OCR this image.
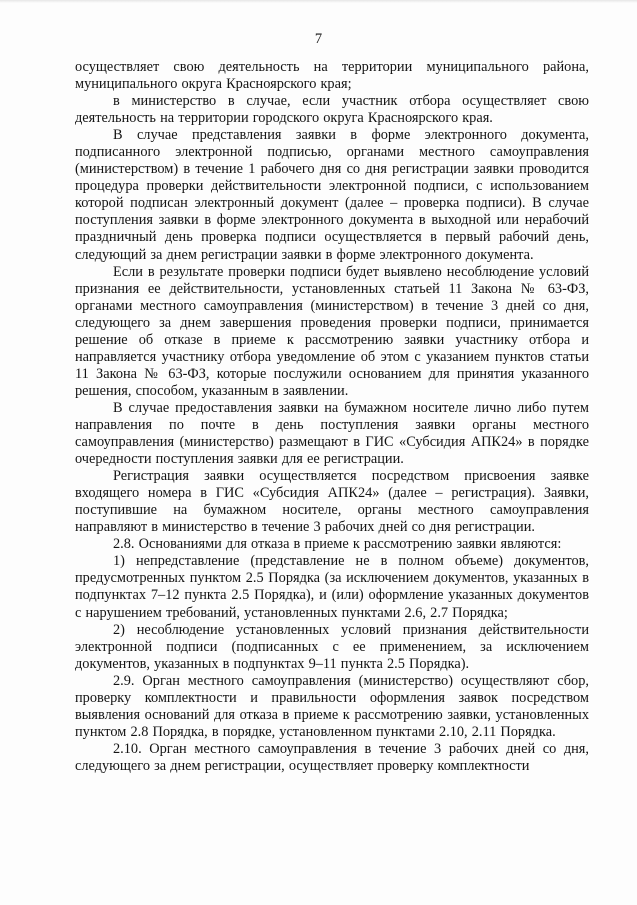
7

осуществляет свою деятельность на территории муниципального района, муниципального округа Красноярского края;

в министерство в случае, если участник отбора осуществляет свою деятельность на территории городского округа Красноярского края.

В случае представления заявки в форме электронного документа, подписанного электронной подписью, органами местного самоуправления (министерством) в течение 1 рабочего дня со дня регистрации заявки проводится процедура проверки действительности электронной подписи, с использованием которой подписан электронный документ (далее – проверка подписи). В случае поступления заявки в форме электронного документа в выходной или нерабочий праздничный день проверка подписи осуществляется в первый рабочий день, следующий за днем регистрации заявки в форме электронного документа.

Если в результате проверки подписи будет выявлено несоблюдение условий признания ее действительности, установленных статьей 11 Закона № 63-ФЗ, органами местного самоуправления (министерством) в течение 3 дней со дня, следующего за днем завершения проведения проверки подписи, принимается решение об отказе в приеме к рассмотрению заявки участнику отбора и направляется участнику отбора уведомление об этом с указанием пунктов статьи 11 Закона № 63-ФЗ, которые послужили основанием для принятия указанного решения, способом, указанным в заявлении.

В случае предоставления заявки на бумажном носителе лично либо путем направления по почте в день поступления заявки органы местного самоуправления (министерство) размещают в ГИС «Субсидия АПК24» в порядке очередности поступления заявки для ее регистрации.

Регистрация заявки осуществляется посредством присвоения заявке входящего номера в ГИС «Субсидия АПК24» (далее – регистрация). Заявки, поступившие на бумажном носителе, органы местного самоуправления направляют в министерство в течение 3 рабочих дней со дня регистрации.

2.8. Основаниями для отказа в приеме к рассмотрению заявки являются:

1) непредставление (представление не в полном объеме) документов, предусмотренных пунктом 2.5 Порядка (за исключением документов, указанных в подпунктах 7–12 пункта 2.5 Порядка), и (или) оформление указанных документов с нарушением требований, установленных пунктами 2.6, 2.7 Порядка;

2) несоблюдение установленных условий признания действительности электронной подписи (подписанных с ее применением, за исключением документов, указанных в подпунктах 9–11 пункта 2.5 Порядка).

2.9. Орган местного самоуправления (министерство) осуществляют сбор, проверку комплектности и правильности оформления заявок посредством выявления оснований для отказа в приеме к рассмотрению заявки, установленных пунктом 2.8 Порядка, в порядке, установленном пунктами 2.10, 2.11 Порядка.

2.10. Орган местного самоуправления в течение 3 рабочих дней со дня, следующего за днем регистрации, осуществляет проверку комплектности
